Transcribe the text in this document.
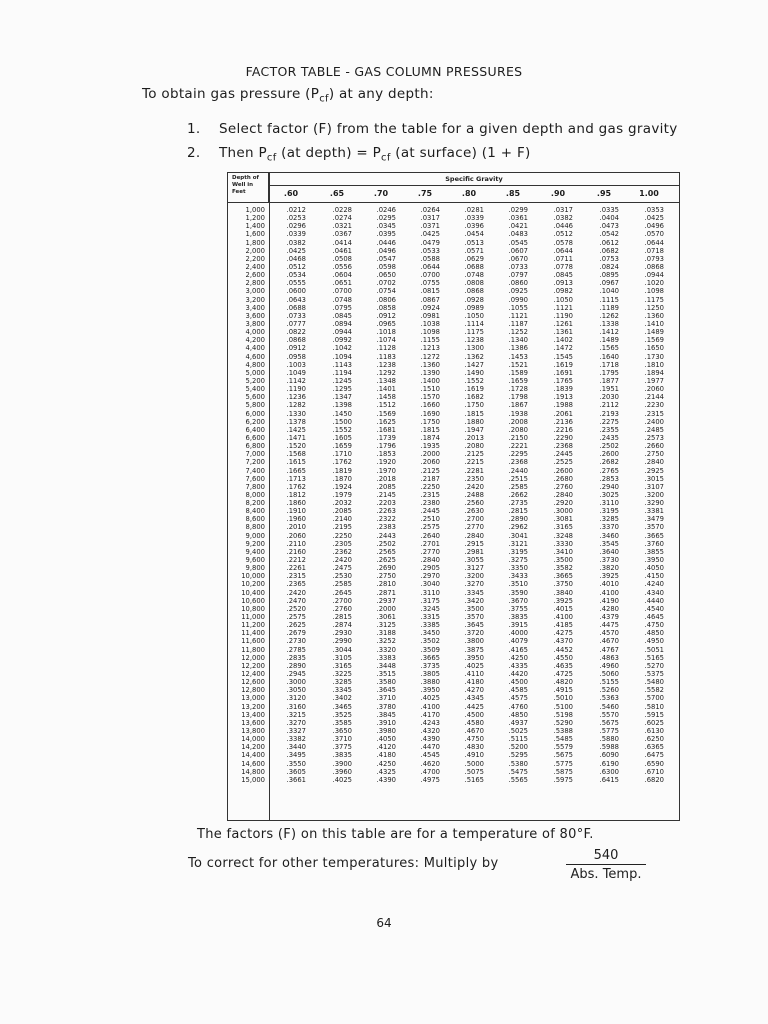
FACTOR TABLE - GAS COLUMN PRESSURES
To obtain gas pressure $(P_{cf})$ at any depth:
1. Select factor (F) from the table for a given depth and gas gravity
2. Then $P_{cf}$ (at depth) = $P_{cf}$ (at surface) (1 + F)
Depth of Well in Feet
Specific Gravity
.60	.65	.70	.75	.80	.85	.90	.95	1.00
1,000	.0212	.0228	.0246	.0264	.0281	.0299	.0317	.0335	.0353
1,200	.0253	.0274	.0295	.0317	.0339	.0361	.0382	.0404	.0425
1,400	.0296	.0321	.0345	.0371	.0396	.0421	.0446	.0473	.0496
1,600	.0339	.0367	.0395	.0425	.0454	.0483	.0512	.0542	.0570
1,800	.0382	.0414	.0446	.0479	.0513	.0545	.0578	.0612	.0644
2,000	.0425	.0461	.0496	.0533	.0571	.0607	.0644	.0682	.0718
2,200	.0468	.0508	.0547	.0588	.0629	.0670	.0711	.0753	.0793
2,400	.0512	.0556	.0598	.0644	.0688	.0733	.0778	.0824	.0868
2,600	.0534	.0604	.0650	.0700	.0748	.0797	.0845	.0895	.0944
2,800	.0555	.0651	.0702	.0755	.0808	.0860	.0913	.0967	.1020
3,000	.0600	.0700	.0754	.0815	.0868	.0925	.0982	.1040	.1098
3,200	.0643	.0748	.0806	.0867	.0928	.0990	.1050	.1115	.1175
3,400	.0688	.0795	.0858	.0924	.0989	.1055	.1121	.1189	.1250
3,600	.0733	.0845	.0912	.0981	.1050	.1121	.1190	.1262	.1360
3,800	.0777	.0894	.0965	.1038	.1114	.1187	.1261	.1338	.1410
4,000	.0822	.0944	.1018	.1098	.1175	.1252	.1361	.1412	.1489
4,200	.0868	.0992	.1074	.1155	.1238	.1340	.1402	.1489	.1569
4,400	.0912	.1042	.1128	.1213	.1300	.1386	.1472	.1565	.1650
4,600	.0958	.1094	.1183	.1272	.1362	.1453	.1545	.1640	.1730
4,800	.1003	.1143	.1238	.1360	.1427	.1521	.1619	.1718	.1810
5,000	.1049	.1194	.1292	.1390	.1490	.1589	.1691	.1795	.1894
5,200	.1142	.1245	.1348	.1400	.1552	.1659	.1765	.1877	.1977
5,400	.1190	.1295	.1401	.1510	.1619	.1728	.1839	.1951	.2060
5,600	.1236	.1347	.1458	.1570	.1682	.1798	.1913	.2030	.2144
5,800	.1282	.1398	.1512	.1660	.1750	.1867	.1988	.2112	.2230
6,000	.1330	.1450	.1569	.1690	.1815	.1938	.2061	.2193	.2315
6,200	.1378	.1500	.1625	.1750	.1880	.2008	.2136	.2275	.2400
6,400	.1425	.1552	.1681	.1815	.1947	.2080	.2216	.2355	.2485
6,600	.1471	.1605	.1739	.1874	.2013	.2150	.2290	.2435	.2573
6,800	.1520	.1659	.1796	.1935	.2080	.2221	.2368	.2502	.2660
7,000	.1568	.1710	.1853	.2000	.2125	.2295	.2445	.2600	.2750
7,200	.1615	.1762	.1920	.2060	.2215	.2368	.2525	.2682	.2840
7,400	.1665	.1819	.1970	.2125	.2281	.2440	.2600	.2765	.2925
7,600	.1713	.1870	.2018	.2187	.2350	.2515	.2680	.2853	.3015
7,800	.1762	.1924	.2085	.2250	.2420	.2585	.2760	.2940	.3107
8,000	.1812	.1979	.2145	.2315	.2488	.2662	.2840	.3025	.3200
8,200	.1860	.2032	.2203	.2380	.2560	.2735	.2920	.3110	.3290
8,400	.1910	.2085	.2263	.2445	.2630	.2815	.3000	.3195	.3381
8,600	.1960	.2140	.2322	.2510	.2700	.2890	.3081	.3285	.3479
8,800	.2010	.2195	.2383	.2575	.2770	.2962	.3165	.3370	.3570
9,000	.2060	.2250	.2443	.2640	.2840	.3041	.3248	.3460	.3665
9,200	.2110	.2305	.2502	.2701	.2915	.3121	.3330	.3545	.3760
9,400	.2160	.2362	.2565	.2770	.2981	.3195	.3410	.3640	.3855
9,600	.2212	.2420	.2625	.2840	.3055	.3275	.3500	.3730	.3950
9,800	.2261	.2475	.2690	.2905	.3127	.3350	.3582	.3820	.4050
10,000	.2315	.2530	.2750	.2970	.3200	.3433	.3665	.3925	.4150
10,200	.2365	.2585	.2810	.3040	.3270	.3510	.3750	.4010	.4240
10,400	.2420	.2645	.2871	.3110	.3345	.3590	.3840	.4100	.4340
10,600	.2470	.2700	.2937	.3175	.3420	.3670	.3925	.4190	.4440
10,800	.2520	.2760	.2000	.3245	.3500	.3755	.4015	.4280	.4540
11,000	.2575	.2815	.3061	.3315	.3570	.3835	.4100	.4379	.4645
11,200	.2625	.2874	.3125	.3385	.3645	.3915	.4185	.4475	.4750
11,400	.2679	.2930	.3188	.3450	.3720	.4000	.4275	.4570	.4850
11,600	.2730	.2990	.3252	.3502	.3800	.4079	.4370	.4670	.4950
11,800	.2785	.3044	.3320	.3509	.3875	.4165	.4452	.4767	.5051
12,000	.2835	.3105	.3383	.3665	.3950	.4250	.4550	.4863	.5165
12,200	.2890	.3165	.3448	.3735	.4025	.4335	.4635	.4960	.5270
12,400	.2945	.3225	.3515	.3805	.4110	.4420	.4725	.5060	.5375
12,600	.3000	.3285	.3580	.3880	.4180	.4500	.4820	.5155	.5480
12,800	.3050	.3345	.3645	.3950	.4270	.4585	.4915	.5260	.5582
13,000	.3120	.3402	.3710	.4025	.4345	.4575	.5010	.5363	.5700
13,200	.3160	.3465	.3780	.4100	.4425	.4760	.5100	.5460	.5810
13,400	.3215	.3525	.3845	.4170	.4500	.4850	.5198	.5570	.5915
13,600	.3270	.3585	.3910	.4243	.4580	.4937	.5290	.5675	.6025
13,800	.3327	.3650	.3980	.4320	.4670	.5025	.5388	.5775	.6130
14,000	.3382	.3710	.4050	.4390	.4750	.5115	.5485	.5880	.6250
14,200	.3440	.3775	.4120	.4470	.4830	.5200	.5579	.5988	.6365
14,400	.3495	.3835	.4180	.4545	.4910	.5295	.5675	.6090	.6475
14,600	.3550	.3900	.4250	.4620	.5000	.5380	.5775	.6190	.6590
14,800	.3605	.3960	.4325	.4700	.5075	.5475	.5875	.6300	.6710
15,000	.3661	.4025	.4390	.4975	.5165	.5565	.5975	.6415	.6820
The factors (F) on this table are for a temperature of 80°F.
To correct for other temperatures: Multiply by
540
Abs. Temp.
64
